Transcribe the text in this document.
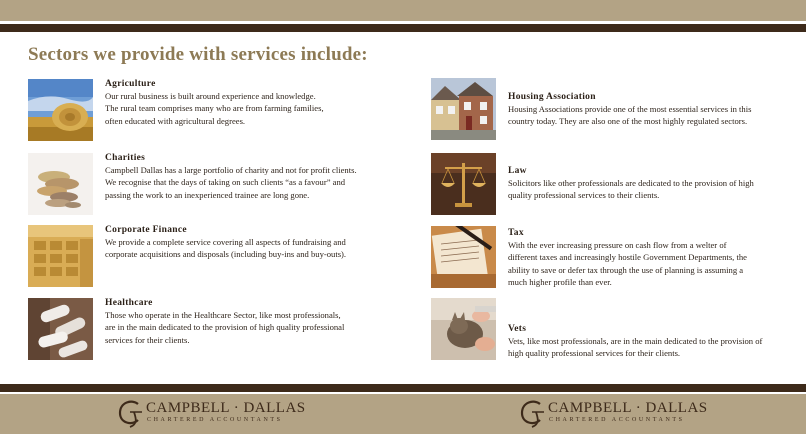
Sectors we provide with services include:
Agriculture
Our rural business is built around experience and knowledge.
The rural team comprises many who are from farming families,
often educated with agricultural degrees.
Charities
Campbell Dallas has a large portfolio of charity and not for profit clients.
We recognise that the days of taking on such clients “as a favour” and
passing the work to an inexperienced trainee are long gone.
Corporate Finance
We provide a complete service covering all aspects of fundraising and
corporate acquisitions and disposals (including buy-ins and buy-outs).
Healthcare
Those who operate in the Healthcare Sector, like most professionals,
are in the main dedicated to the provision of high quality professional
services for their clients.
Housing Association
Housing Associations provide one of the most essential services in this
country today. They are also one of the most highly regulated sectors.
Law
Solicitors like other professionals are dedicated to the provision of high
quality professional services to their clients.
Tax
With the ever increasing pressure on cash flow from a welter of
different taxes and increasingly hostile Government Departments, the
ability to save or defer tax through the use of planning is assuming a
much higher profile than ever.
Vets
Vets, like most professionals, are in the main dedicated to the provision of
high quality professional services for their clients.
CAMPBELL · DALLAS
CHARTERED ACCOUNTANTS
CAMPBELL · DALLAS
CHARTERED ACCOUNTANTS
